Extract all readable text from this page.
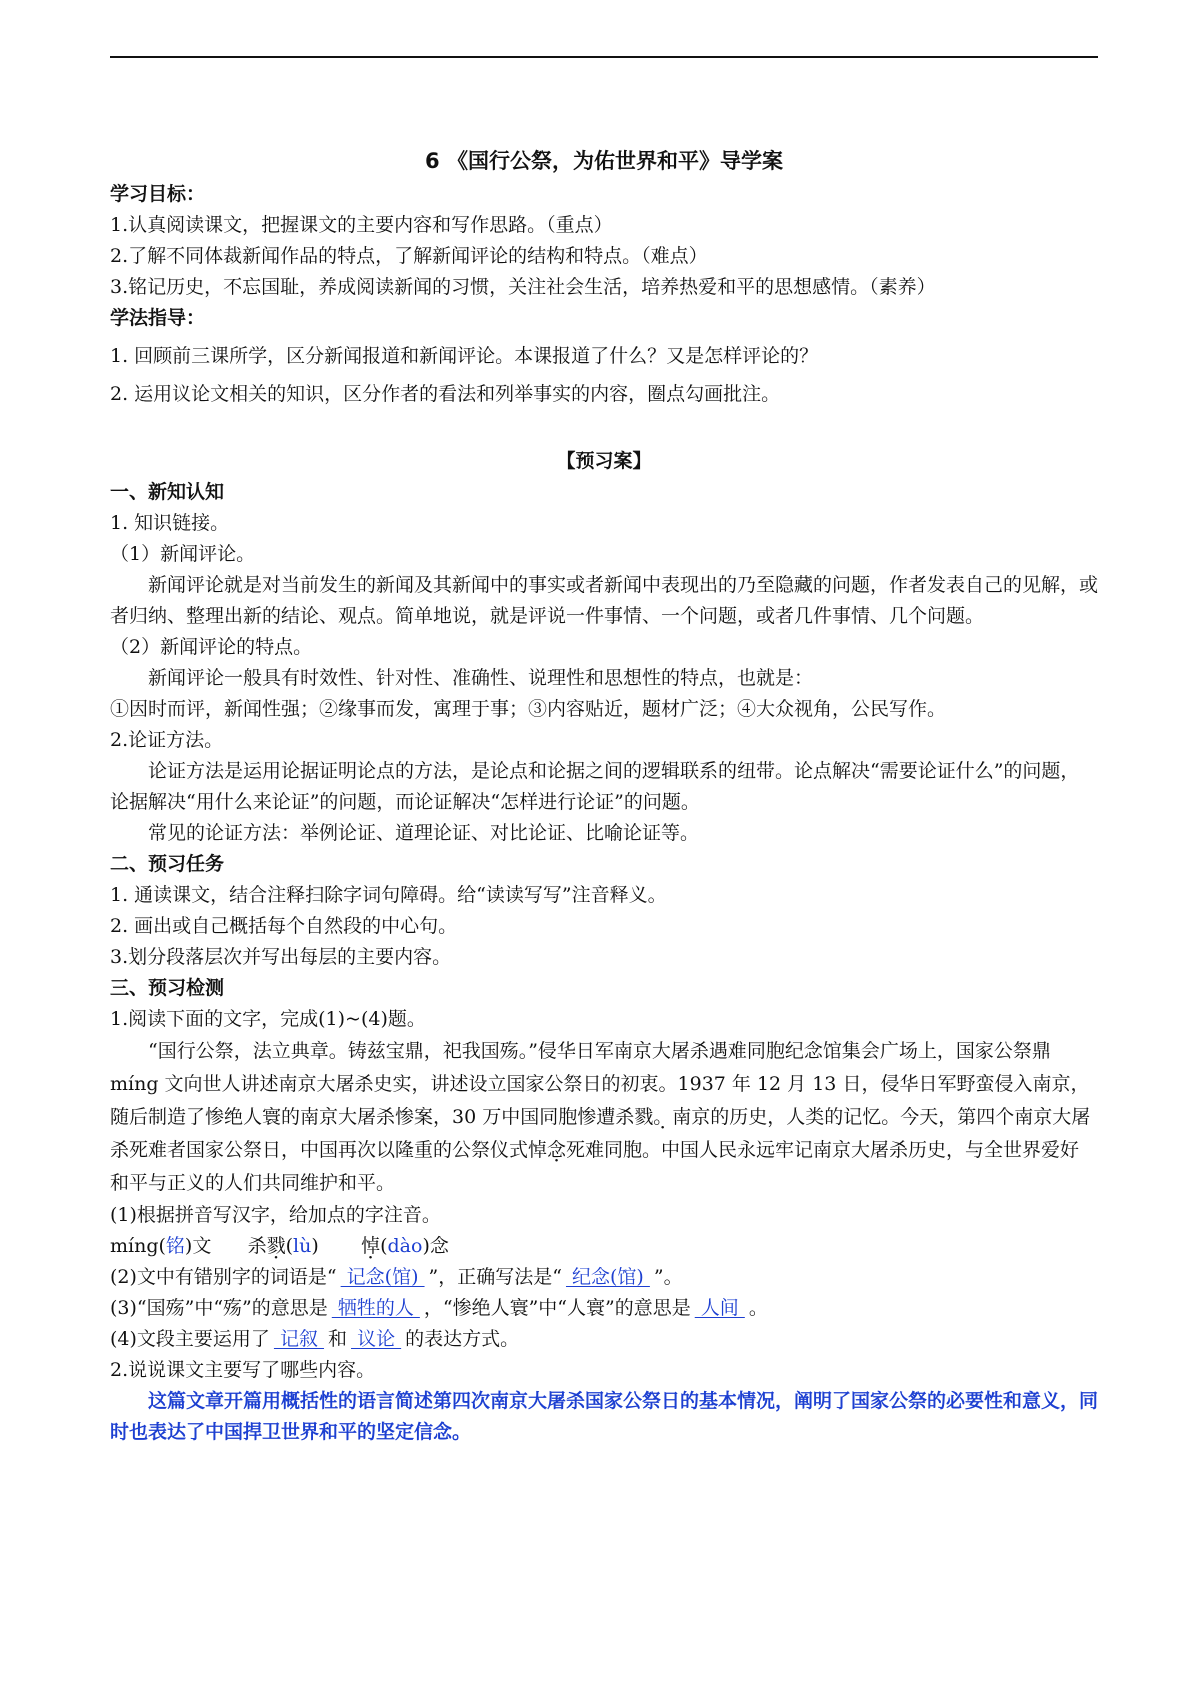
6 《国行公祭，为佑世界和平》导学案

学习目标：

1.认真阅读课文，把握课文的主要内容和写作思路。（重点）

2.了解不同体裁新闻作品的特点，了解新闻评论的结构和特点。（难点）

3.铭记历史，不忘国耻，养成阅读新闻的习惯，关注社会生活，培养热爱和平的思想感情。（素养）

学法指导：

1. 回顾前三课所学，区分新闻报道和新闻评论。本课报道了什么？又是怎样评论的？

2. 运用议论文相关的知识，区分作者的看法和列举事实的内容，圈点勾画批注。

【预习案】

一、新知认知

1. 知识链接。

（1）新闻评论。

新闻评论就是对当前发生的新闻及其新闻中的事实或者新闻中表现出的乃至隐藏的问题，作者发表自己的见解，或者归纳、整理出新的结论、观点。简单地说，就是评说一件事情、一个问题，或者几件事情、几个问题。

（2）新闻评论的特点。

新闻评论一般具有时效性、针对性、准确性、说理性和思想性的特点，也就是：

①因时而评，新闻性强；②缘事而发，寓理于事；③内容贴近，题材广泛；④大众视角，公民写作。

2.论证方法。

论证方法是运用论据证明论点的方法，是论点和论据之间的逻辑联系的纽带。论点解决“需要论证什么”的问题，论据解决“用什么来论证”的问题，而论证解决“怎样进行论证”的问题。

常见的论证方法：举例论证、道理论证、对比论证、比喻论证等。

二、预习任务

1. 通读课文，结合注释扫除字词句障碍。给“读读写写”注音释义。

2. 画出或自己概括每个自然段的中心句。

3.划分段落层次并写出每层的主要内容。

三、预习检测

1.阅读下面的文字，完成(1)~(4)题。

“国行公祭，法立典章。铸兹宝鼎，祀我国殇。”侵华日军南京大屠杀遇难同胞纪念馆集会广场上，国家公祭鼎 míng 文向世人讲述南京大屠杀史实，讲述设立国家公祭日的初衷。1937 年 12 月 13 日，侵华日军野蛮侵入南京，随后制造了惨绝人寰的南京大屠杀惨案，30 万中国同胞惨遭杀戮。南京的历史，人类的记忆。今天，第四个南京大屠杀死难者国家公祭日，中国再次以隆重的公祭仪式悼念死难同胞。中国人民永远牢记南京大屠杀历史，与全世界爱好和平与正义的人们共同维护和平。

(1)根据拼音写汉字，给加点的字注音。

míng(铭)文 杀戮(lù) 悼(dào)念

(2)文中有错别字的词语是“ 记念(馆) ”，正确写法是“ 纪念(馆) ”。

(3)“国殇”中“殇”的意思是 牺牲的人 ，“惨绝人寰”中“人寰”的意思是 人间 。

(4)文段主要运用了 记叙 和 议论 的表达方式。

2.说说课文主要写了哪些内容。

这篇文章开篇用概括性的语言简述第四次南京大屠杀国家公祭日的基本情况，阐明了国家公祭的必要性和意义，同时也表达了中国捍卫世界和平的坚定信念。
